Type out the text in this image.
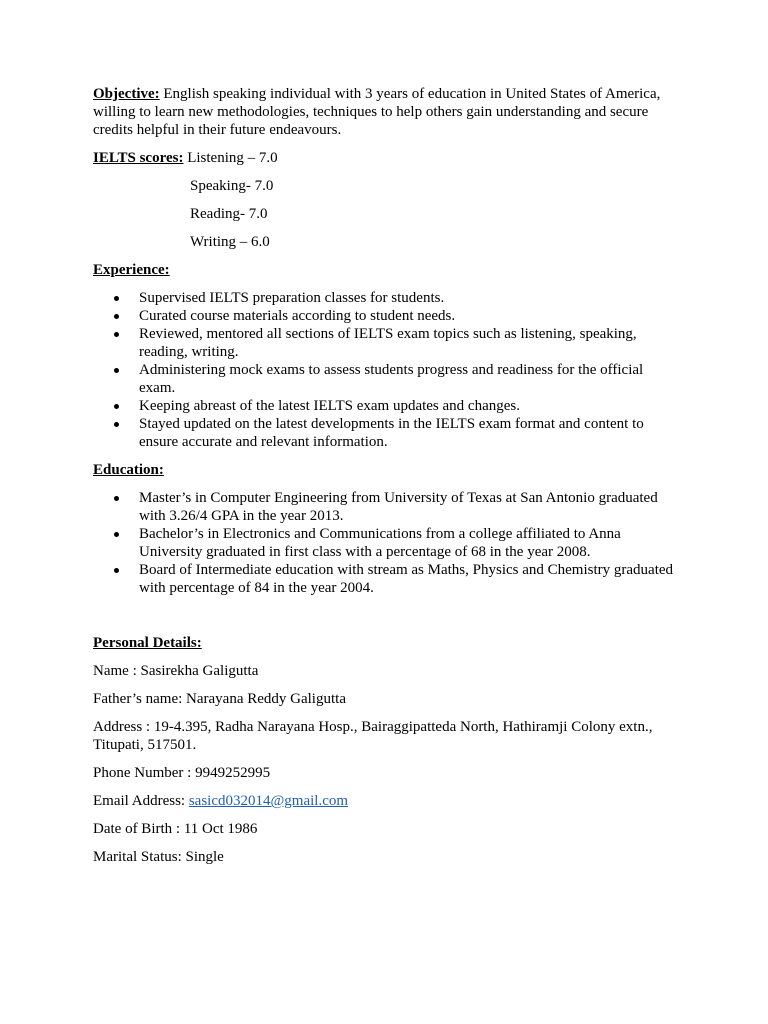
Objective: English speaking individual with 3 years of education in United States of America, willing to learn new methodologies, techniques to help others gain understanding and secure credits helpful in their future endeavours.

IELTS scores: Listening – 7.0
Speaking- 7.0
Reading- 7.0
Writing – 6.0
Experience:
Supervised IELTS preparation classes for students.
Curated course materials according to student needs.
Reviewed, mentored all sections of IELTS exam topics such as listening, speaking, reading, writing.
Administering mock exams to assess students progress and readiness for the official exam.
Keeping abreast of the latest IELTS exam updates and changes.
Stayed updated on the latest developments in the IELTS exam format and content to ensure accurate and relevant information.
Education:
Master’s in Computer Engineering from University of Texas at San Antonio graduated with 3.26/4 GPA in the year 2013.
Bachelor’s in Electronics and Communications from a college affiliated to Anna University graduated in first class with a percentage of 68 in the year 2008.
Board of Intermediate education with stream as Maths, Physics and Chemistry graduated with percentage of 84 in the year 2004.
Personal Details:

Name : Sasirekha Galigutta

Father’s name: Narayana Reddy Galigutta

Address : 19-4.395, Radha Narayana Hosp., Bairaggipatteda North, Hathiramji Colony extn., Titupati, 517501.

Phone Number : 9949252995

Email Address: sasicd032014@gmail.com

Date of Birth : 11 Oct 1986

Marital Status: Single
